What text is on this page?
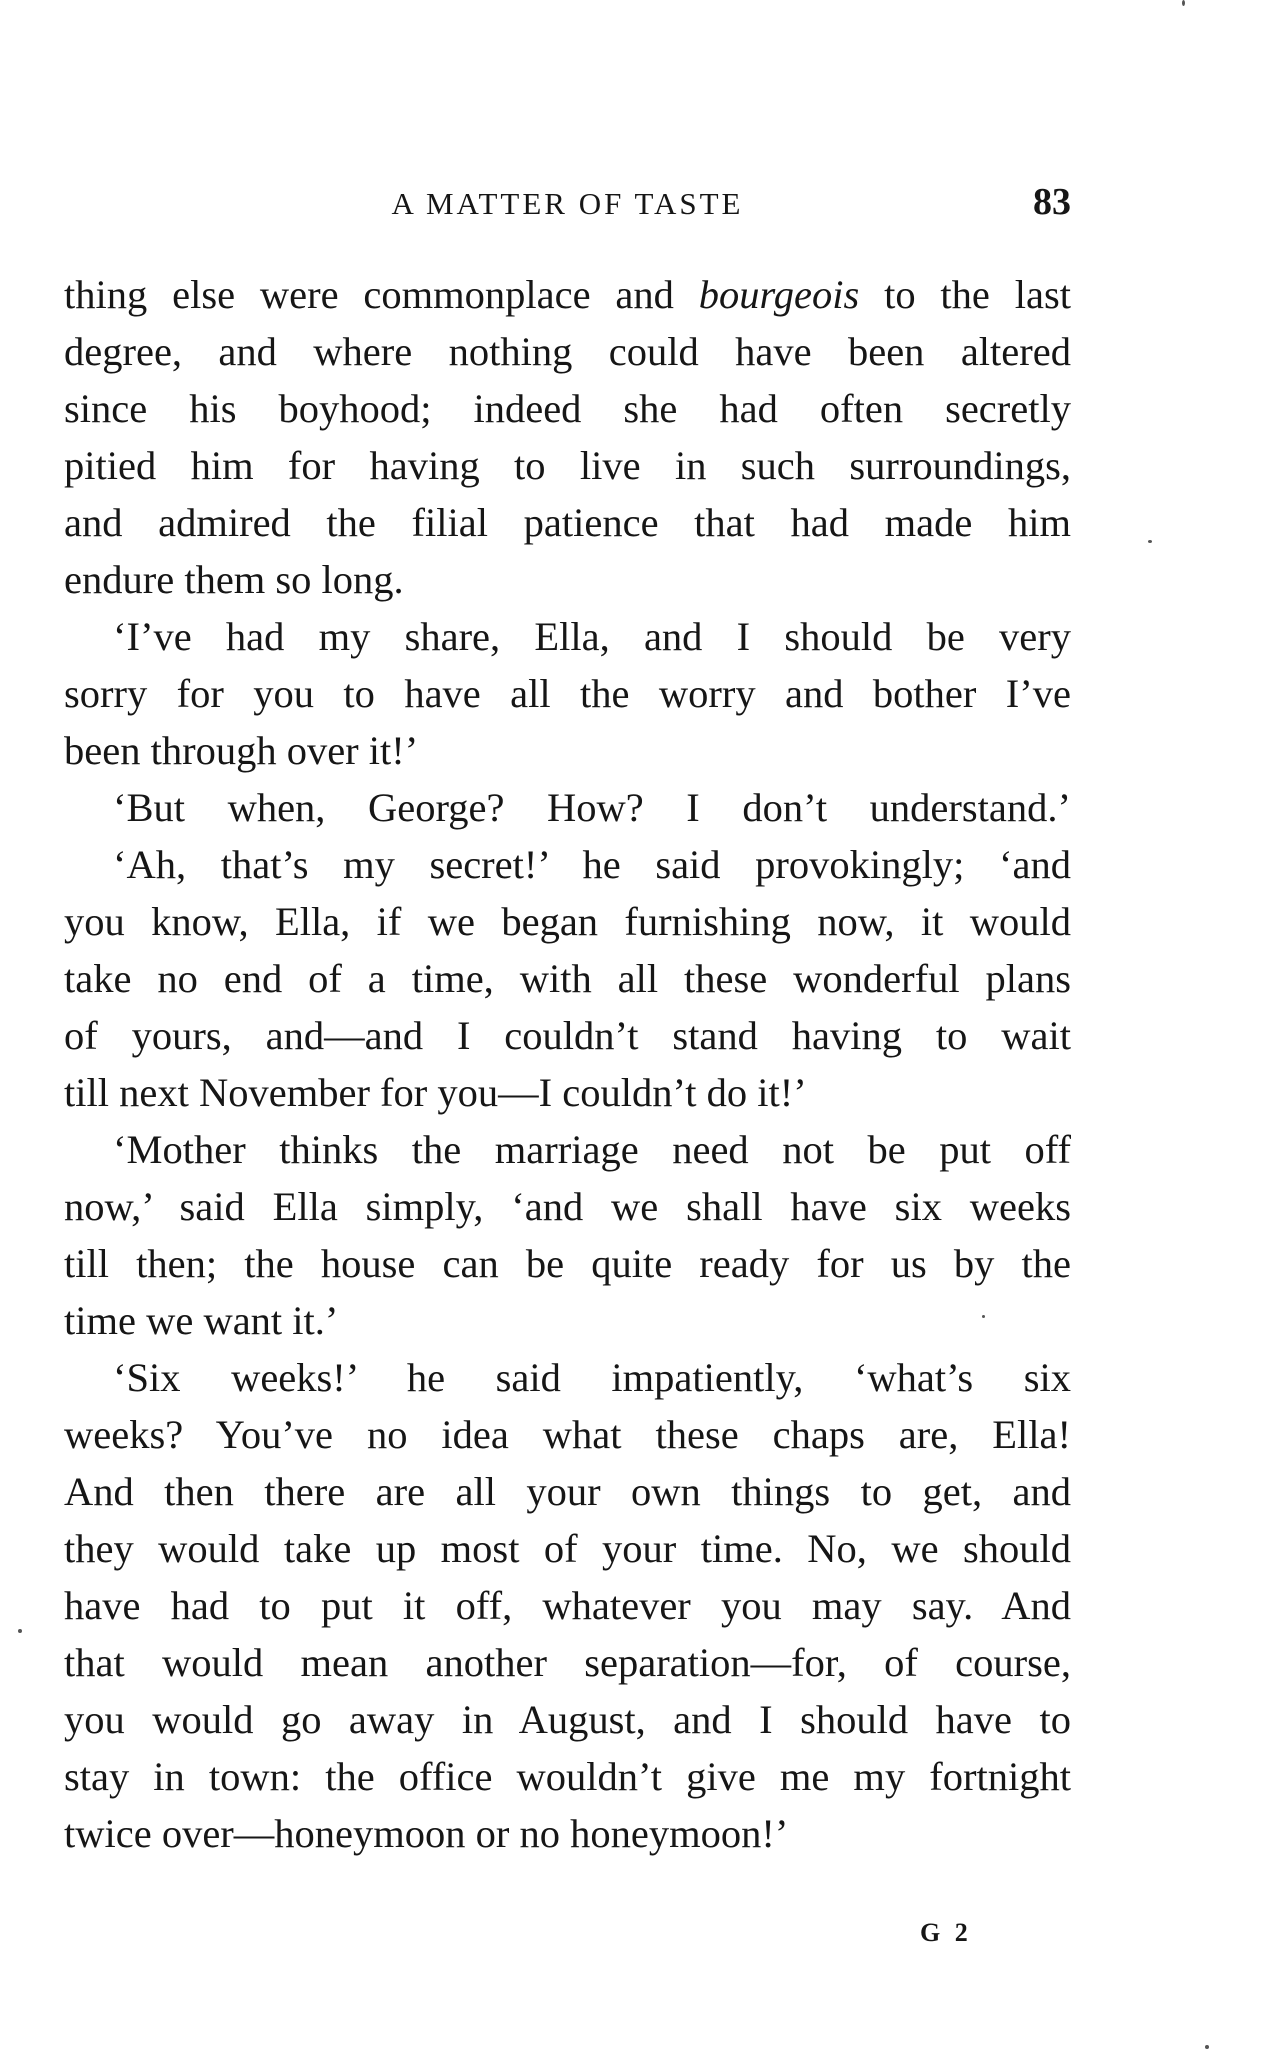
A MATTER OF TASTE	83
thing else were commonplace and bourgeois to the last
degree, and where nothing could have been altered
since his boyhood; indeed she had often secretly
pitied him for having to live in such surroundings,
and admired the filial patience that had made him
endure them so long.
‘I’ve had my share, Ella, and I should be very
sorry for you to have all the worry and bother I’ve
been through over it!’
‘But when, George? How? I don’t understand.’
‘Ah, that’s my secret!’ he said provokingly; ‘and
you know, Ella, if we began furnishing now, it would
take no end of a time, with all these wonderful plans
of yours, and—and I couldn’t stand having to wait
till next November for you—I couldn’t do it!’
‘Mother thinks the marriage need not be put off
now,’ said Ella simply, ‘and we shall have six weeks
till then; the house can be quite ready for us by the
time we want it.’
‘Six weeks!’ he said impatiently, ‘what’s six
weeks? You’ve no idea what these chaps are, Ella!
And then there are all your own things to get, and
they would take up most of your time. No, we should
have had to put it off, whatever you may say. And
that would mean another separation—for, of course,
you would go away in August, and I should have to
stay in town: the office wouldn’t give me my fortnight
twice over—honeymoon or no honeymoon!’
G 2
